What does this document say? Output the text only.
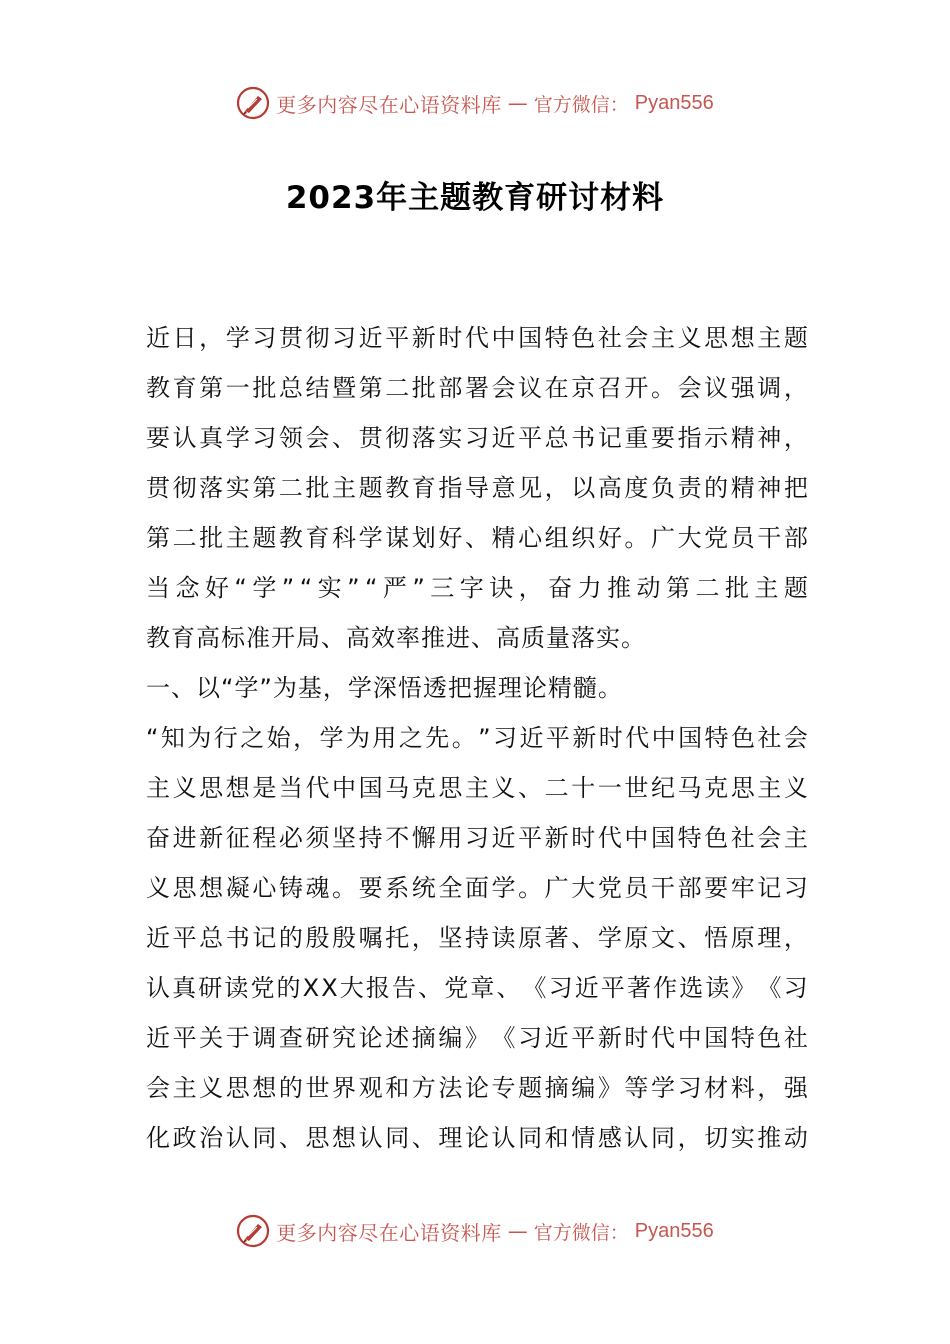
更多内容尽在心语资料库 — 官方微信： Pyan556
2023年主题教育研讨材料
近 日 ， 学 习 贯 彻 习 近 平 新 时 代 中 国 特 色 社 会 主 义 思 想 主 题
教 育 第 一 批 总 结 暨 第 二 批 部 署 会 议 在 京 召 开 。 会 议 强 调 ，
要 认 真 学 习 领 会 、 贯 彻 落 实 习 近 平 总 书 记 重 要 指 示 精 神 ，
贯 彻 落 实 第 二 批 主 题 教 育 指 导 意 见 ， 以 高 度 负 责 的 精 神 把
第 二 批 主 题 教 育 科 学 谋 划 好 、 精 心 组 织 好 。 广 大 党 员 干 部
当 念 好 “ 学 ” “ 实 ” “ 严 ” 三 字 诀 ， 奋 力 推 动 第 二 批 主 题
教育高标准开局、高效率推进、高质量落实。
一、以“学”为基，学深悟透把握理论精髓。
“ 知 为 行 之 始 ， 学 为 用 之 先 。 ” 习 近 平 新 时 代 中 国 特 色 社 会
主 义 思 想 是 当 代 中 国 马 克 思 主 义 、 二 十 一 世 纪 马 克 思 主 义
奋 进 新 征 程 必 须 坚 持 不 懈 用 习 近 平 新 时 代 中 国 特 色 社 会 主
义 思 想 凝 心 铸 魂 。 要 系 统 全 面 学 。 广 大 党 员 干 部 要 牢 记 习
近 平 总 书 记 的 殷 殷 嘱 托 ， 坚 持 读 原 著 、 学 原 文 、 悟 原 理 ，
认 真 研 读 党 的 X X 大 报 告 、 党 章 、 《 习 近 平 著 作 选 读 》 《 习
近 平 关 于 调 查 研 究 论 述 摘 编 》 《 习 近 平 新 时 代 中 国 特 色 社
会 主 义 思 想 的 世 界 观 和 方 法 论 专 题 摘 编 》 等 学 习 材 料 ， 强
化 政 治 认 同 、 思 想 认 同 、 理 论 认 同 和 情 感 认 同 ， 切 实 推 动
更多内容尽在心语资料库 — 官方微信： Pyan556
